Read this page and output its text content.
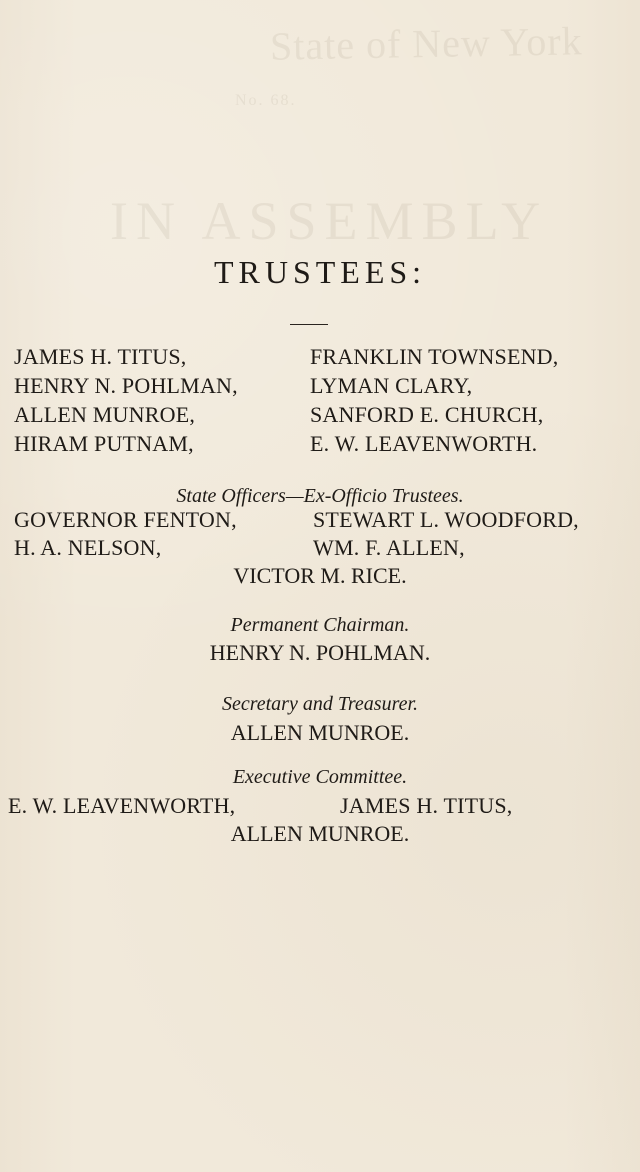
State of New York
No. 68.
IN ASSEMBLY
TRUSTEES:
JAMES H. TITUS,
HENRY N. POHLMAN,
ALLEN MUNROE,
HIRAM PUTNAM,
FRANKLIN TOWNSEND,
LYMAN CLARY,
SANFORD E. CHURCH,
E. W. LEAVENWORTH.
State Officers—Ex-Officio Trustees.
GOVERNOR FENTON,
H. A. NELSON,
STEWART L. WOODFORD,
WM. F. ALLEN,
VICTOR M. RICE.
Permanent Chairman.
HENRY N. POHLMAN.
Secretary and Treasurer.
ALLEN MUNROE.
Executive Committee.
E. W. LEAVENWORTH,	JAMES H. TITUS,
ALLEN MUNROE.
